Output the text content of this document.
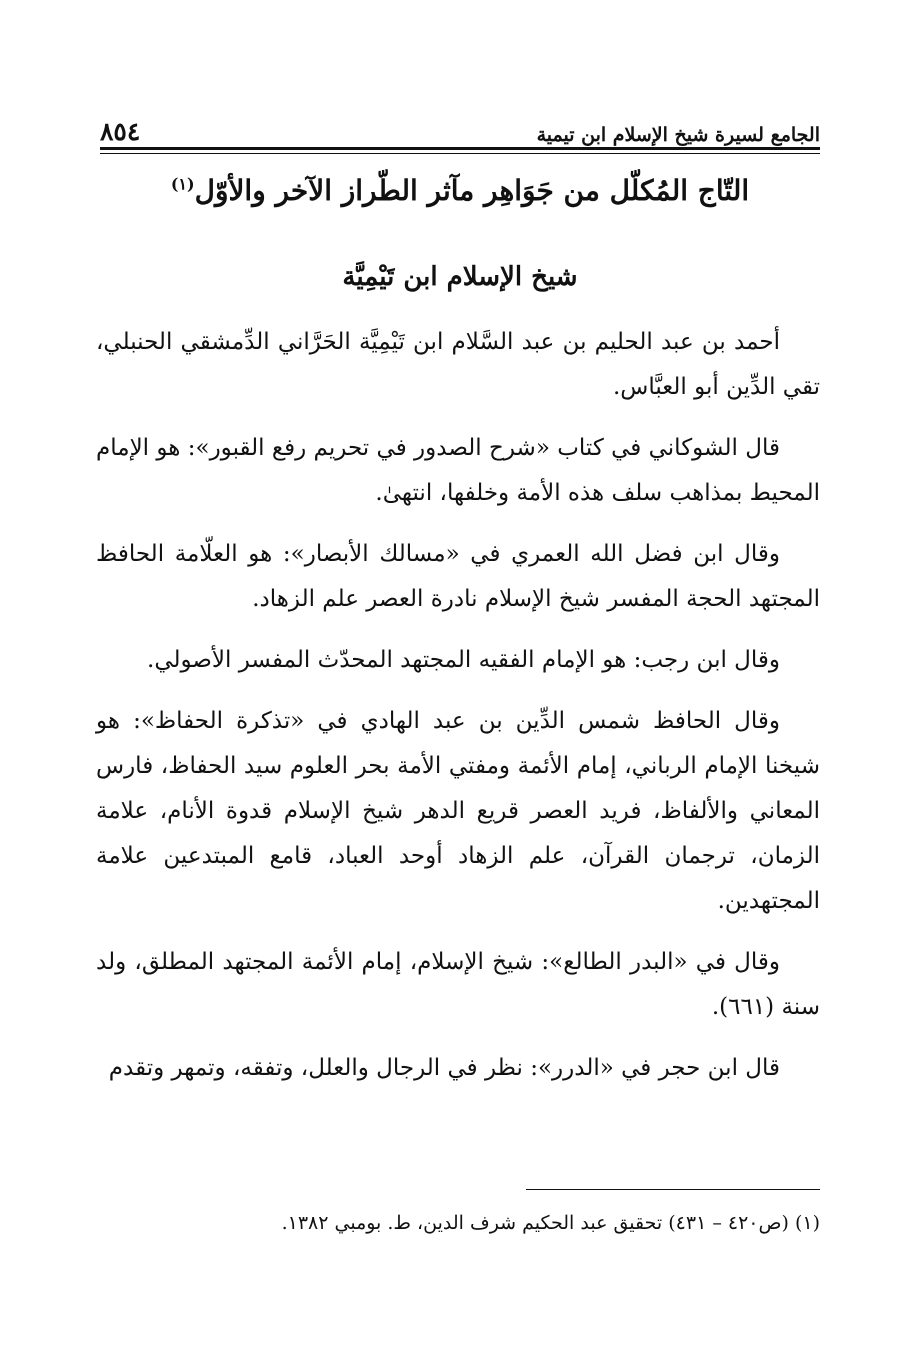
الجامع لسيرة شيخ الإسلام ابن تيمية
٨٥٤
التّاج المُكلّل من جَوَاهِر مآثر الطّراز الآخر والأوّل$^{(١)}$
شيخ الإسلام ابن تَيْمِيَّة

أحمد بن عبد الحليم بن عبد السَّلام ابن تَيْمِيَّة الحَرَّاني الدِّمشقي الحنبلي، تقي الدِّين أبو العبَّاس.

قال الشوكاني في كتاب «شرح الصدور في تحريم رفع القبور»: هو الإمام المحيط بمذاهب سلف هذه الأمة وخلفها، انتهىٰ.

وقال ابن فضل الله العمري في «مسالك الأبصار»: هو العلّامة الحافظ المجتهد الحجة المفسر شيخ الإسلام نادرة العصر علم الزهاد.

وقال ابن رجب: هو الإمام الفقيه المجتهد المحدّث المفسر الأصولي.

وقال الحافظ شمس الدِّين بن عبد الهادي في «تذكرة الحفاظ»: هو شيخنا الإمام الرباني، إمام الأئمة ومفتي الأمة بحر العلوم سيد الحفاظ، فارس المعاني والألفاظ، فريد العصر قريع الدهر شيخ الإسلام قدوة الأنام، علامة الزمان، ترجمان القرآن، علم الزهاد أوحد العباد، قامع المبتدعين علامة المجتهدين.

وقال في «البدر الطالع»: شيخ الإسلام، إمام الأئمة المجتهد المطلق، ولد سنة (٦٦١).

قال ابن حجر في «الدرر»: نظر في الرجال والعلل، وتفقه، وتمهر وتقدم

(١) (ص٤٢٠ – ٤٣١) تحقيق عبد الحكيم شرف الدين، ط. بومبي ١٣٨٢.
